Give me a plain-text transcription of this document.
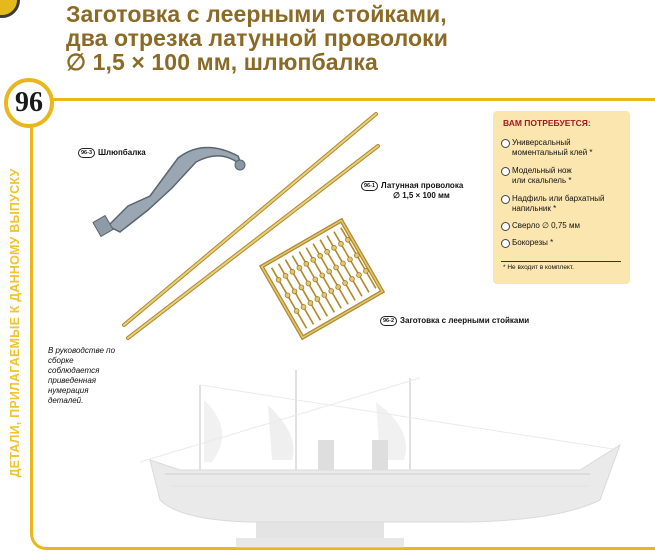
Заготовка с леерными стойками,
два отрезка латунной проволоки
∅ 1,5 × 100 мм, шлюпбалка
ДЕТАЛИ, ПРИЛАГАЕМЫЕ К ДАННОМУ ВЫПУСКУ
96
96-3 Шлюпбалка
96-1 Латунная проволока
∅ 1,5 × 100 мм
96-2 Заготовка с леерными стойками
В руководстве по сборке соблюдается приведенная нумерация деталей.
ВАМ ПОТРЕБУЕТСЯ:
Универсальный
моментальный клей *
Модельный нож
или скальпель *
Надфиль или бархатный
напильник *
Сверло ∅ 0,75 мм
Бокорезы *
* Не входит в комплект.
